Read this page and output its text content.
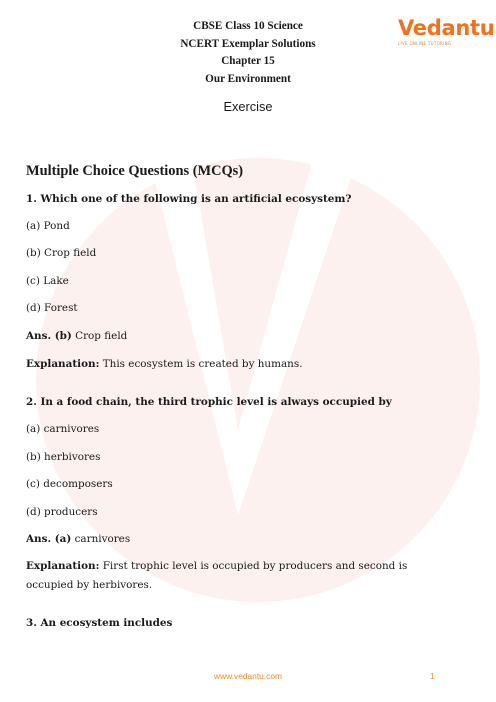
CBSE Class 10 Science
NCERT Exemplar Solutions
Chapter 15
Our Environment
Vedantu
LIVE ONLINE TUTORING
Exercise
Multiple Choice Questions (MCQs)
1. Which one of the following is an artificial ecosystem?
(a) Pond
(b) Crop field
(c) Lake
(d) Forest
Ans. (b) Crop field
Explanation: This ecosystem is created by humans.
2. In a food chain, the third trophic level is always occupied by
(a) carnivores
(b) herbivores
(c) decomposers
(d) producers
Ans. (a) carnivores
Explanation: First trophic level is occupied by producers and second is occupied by herbivores.
3. An ecosystem includes
www.vedantu.com	1
